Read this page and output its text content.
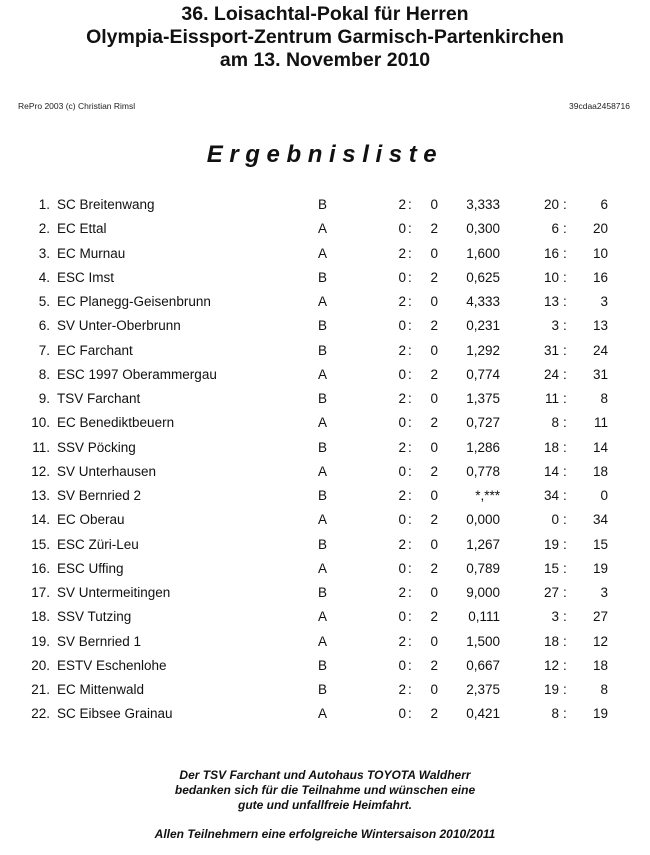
36. Loisachtal-Pokal für Herren
Olympia-Eissport-Zentrum Garmisch-Partenkirchen
am 13. November 2010
RePro 2003 (c) Christian Rimsl	39cdaa2458716
Ergebnisliste
1. SC Breitenwang	B	2 :	0	3,333	20 :	6
2. EC Ettal	A	0 :	2	0,300	6 :	20
3. EC Murnau	A	2 :	0	1,600	16 :	10
4. ESC Imst	B	0 :	2	0,625	10 :	16
5. EC Planegg-Geisenbrunn	A	2 :	0	4,333	13 :	3
6. SV Unter-Oberbrunn	B	0 :	2	0,231	3 :	13
7. EC Farchant	B	2 :	0	1,292	31 :	24
8. ESC 1997 Oberammergau	A	0 :	2	0,774	24 :	31
9. TSV Farchant	B	2 :	0	1,375	11 :	8
10. EC Benediktbeuern	A	0 :	2	0,727	8 :	11
11. SSV Pöcking	B	2 :	0	1,286	18 :	14
12. SV Unterhausen	A	0 :	2	0,778	14 :	18
13. SV Bernried 2	B	2 :	0	*,***	34 :	0
14. EC Oberau	A	0 :	2	0,000	0 :	34
15. ESC Züri-Leu	B	2 :	0	1,267	19 :	15
16. ESC Uffing	A	0 :	2	0,789	15 :	19
17. SV Untermeitingen	B	2 :	0	9,000	27 :	3
18. SSV Tutzing	A	0 :	2	0,111	3 :	27
19. SV Bernried 1	A	2 :	0	1,500	18 :	12
20. ESTV Eschenlohe	B	0 :	2	0,667	12 :	18
21. EC Mittenwald	B	2 :	0	2,375	19 :	8
22. SC Eibsee Grainau	A	0 :	2	0,421	8 :	19
Der TSV Farchant und Autohaus TOYOTA Waldherr
bedanken sich für die Teilnahme und wünschen eine
gute und unfallfreie Heimfahrt.
Allen Teilnehmern eine erfolgreiche Wintersaison 2010/2011
